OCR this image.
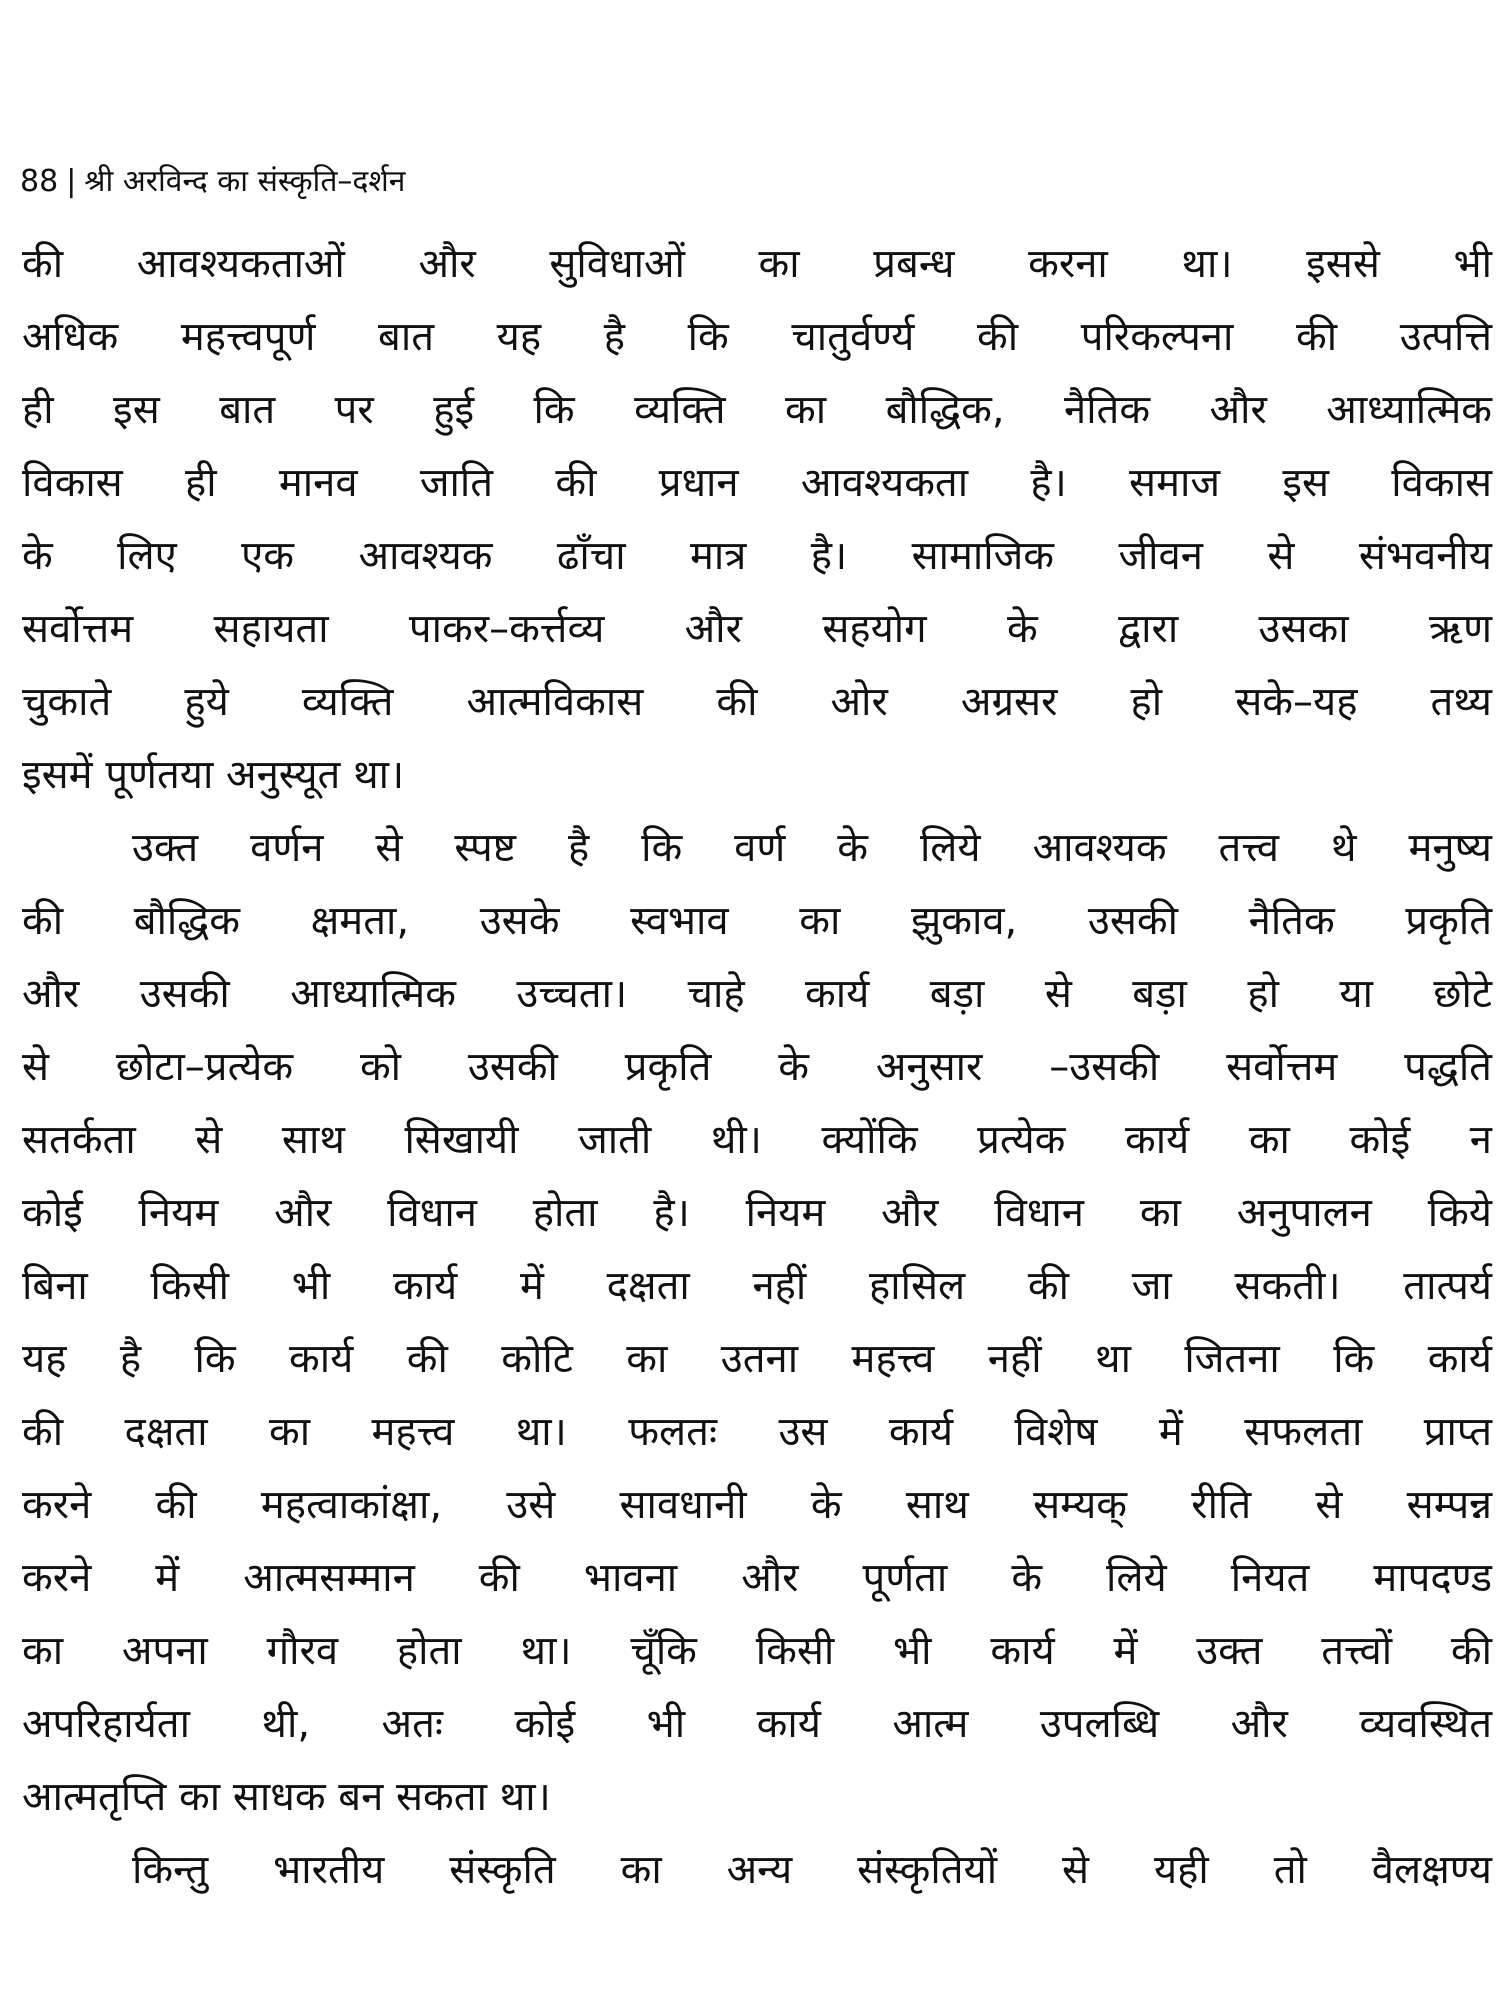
88 | श्री अरविन्द का संस्कृति–दर्शन
की आवश्यकताओं और सुविधाओं का प्रबन्ध करना था। इससे भी
अधिक महत्त्वपूर्ण बात यह है कि चातुर्वर्ण्य की परिकल्पना की उत्पत्ति
ही इस बात पर हुई कि व्यक्ति का बौद्धिक, नैतिक और आध्यात्मिक
विकास ही मानव जाति की प्रधान आवश्यकता है। समाज इस विकास
के लिए एक आवश्यक ढाँचा मात्र है। सामाजिक जीवन से संभवनीय
सर्वोत्तम सहायता पाकर–कर्त्तव्य और सहयोग के द्वारा उसका ऋण
चुकाते हुये व्यक्ति आत्मविकास की ओर अग्रसर हो सके–यह तथ्य
इसमें पूर्णतया अनुस्यूत था।
उक्त वर्णन से स्पष्ट है कि वर्ण के लिये आवश्यक तत्त्व थे मनुष्य
की बौद्धिक क्षमता, उसके स्वभाव का झुकाव, उसकी नैतिक प्रकृति
और उसकी आध्यात्मिक उच्चता। चाहे कार्य बड़ा से बड़ा हो या छोटे
से छोटा–प्रत्येक को उसकी प्रकृति के अनुसार –उसकी सर्वोत्तम पद्धति
सतर्कता से साथ सिखायी जाती थी। क्योंकि प्रत्येक कार्य का कोई न
कोई नियम और विधान होता है। नियम और विधान का अनुपालन किये
बिना किसी भी कार्य में दक्षता नहीं हासिल की जा सकती। तात्पर्य
यह है कि कार्य की कोटि का उतना महत्त्व नहीं था जितना कि कार्य
की दक्षता का महत्त्व था। फलतः उस कार्य विशेष में सफलता प्राप्त
करने की महत्वाकांक्षा, उसे सावधानी के साथ सम्यक् रीति से सम्पन्न
करने में आत्मसम्मान की भावना और पूर्णता के लिये नियत मापदण्ड
का अपना गौरव होता था। चूँकि किसी भी कार्य में उक्त तत्त्वों की
अपरिहार्यता थी, अतः कोई भी कार्य आत्म उपलब्धि और व्यवस्थित
आत्मतृप्ति का साधक बन सकता था।
किन्तु भारतीय संस्कृति का अन्य संस्कृतियों से यही तो वैलक्षण्य
